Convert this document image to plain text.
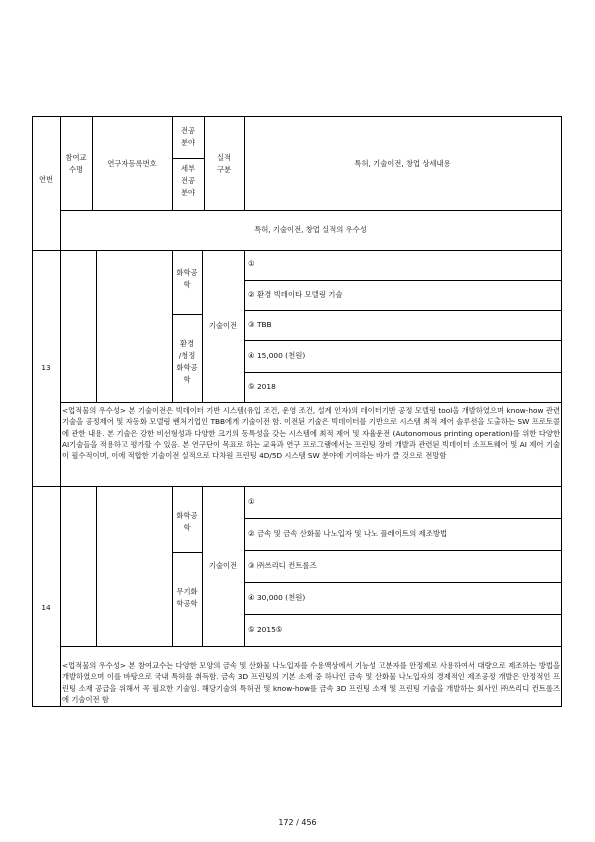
연번
참여교
수명
연구자등록번호
전공
분야
세부
전공
분야
실적
구분
특허, 기술이전, 창업 상세내용
특허, 기술이전, 창업 실적의 우수성
13
화학공
학
환경
/청정
화학공
학
기술이전
①
② 환경 빅데이타 모델링 기술
③ TBB
④ 15,000 (천원)
⑤ 2018
<업적물의 우수성> 본 기술이전은 빅데이터 기반 시스템(유입 조건, 운영 조건, 설계 인자)의 데이터기반 공정 모델링 tool을 개발하였으며 know-how 관련 기술을 공정제어 및 자동화 모델링 벤처기업인 TBB에게 기술이전 함. 이전된 기술은 빅데이터를 기반으로 시스템 최적 제어 솔루션을 도출하는 SW 프로토콜에 관한 내용. 본 기술은 강한 비선형성과 다양한 크기의 동특성을 갖는 시스템에 최적 제어 및 자율운전 (Autonomous printing operation)를 위한 다양한 AI기술들을 적용하고 평가할 수 있음. 본 연구단이 목표로 하는 교육과 연구 프로그램에서는 프린팅 장비 개발과 관련된 빅데이터 소프트웨어 및 AI 제어 기술이 필수적이며, 이에 적합한 기술이전 실적으로 다차원 프린팅 4D/5D 시스템 SW 분야에 기여하는 바가 클 것으로 전망함
14
화학공
학
무기화
학공학
기술이전
①
② 금속 및 금속 산화물 나노입자 및 나노 플레이트의 제조방법
③ ㈜쓰리디 컨트롤즈
④ 30,000 (천원)
⑤ 2015⑤
<업적물의 우수성> 본 참여교수는 다양한 모양의 금속 및 산화물 나노입자를 수용액상에서 기능성 고분자를 안정제로 사용하여서 대량으로 제조하는 방법을 개발하였으며 이를 바탕으로 국내 특허를 취득함. 금속 3D 프린팅의 기본 소재 중 하나인 금속 및 산화물 나노입자의 경제적인 제조공정 개발은 안정적인 프린팅 소재 공급을 위해서 꼭 필요한 기술임. 해당기술의 특허권 및 know-how를 금속 3D 프린팅 소재 및 프린팅 기술을 개발하는 회사인 ㈜쓰리디 컨트롤즈에 기술이전 함
172 / 456
